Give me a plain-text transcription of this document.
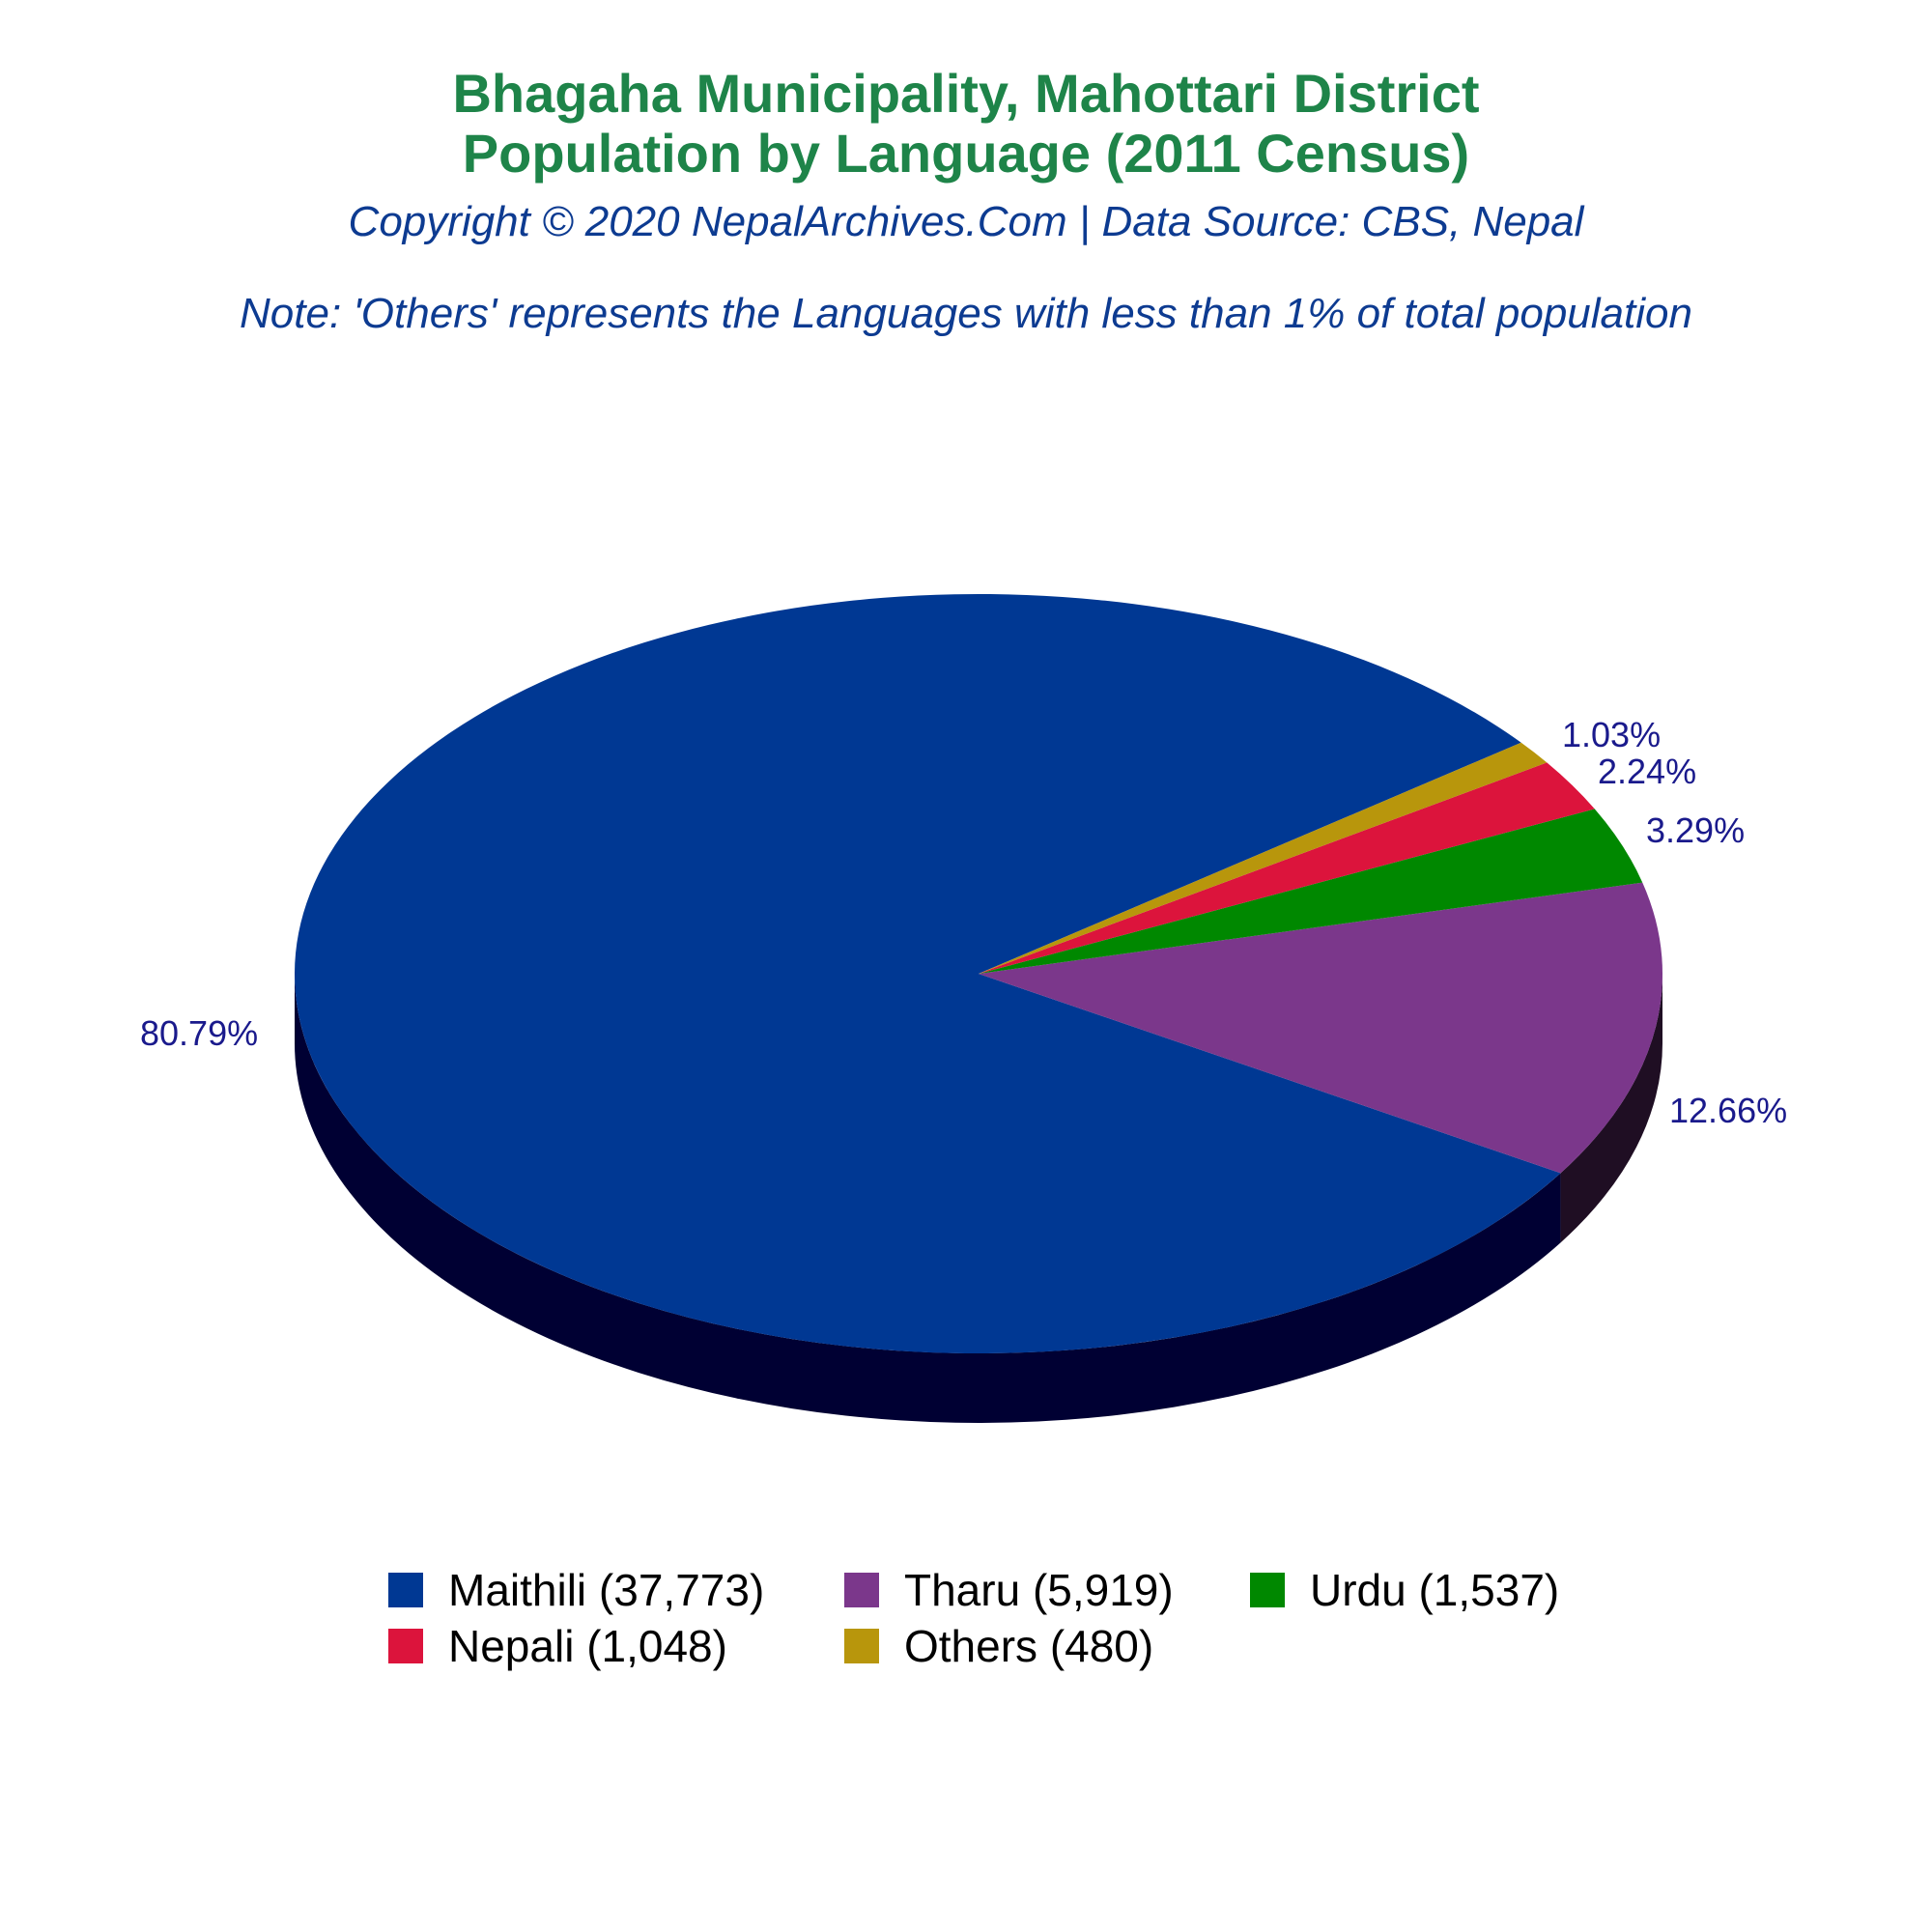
Bhagaha Municipality, Mahottari District
Population by Language (2011 Census)
Copyright © 2020 NepalArchives.Com | Data Source: CBS, Nepal
Note: 'Others' represents the Languages with less than 1% of total population
80.79%
12.66%
3.29%
2.24%
1.03%
Maithili (37,773)	Tharu (5,919)	Urdu (1,537)
Nepali (1,048)	Others (480)
